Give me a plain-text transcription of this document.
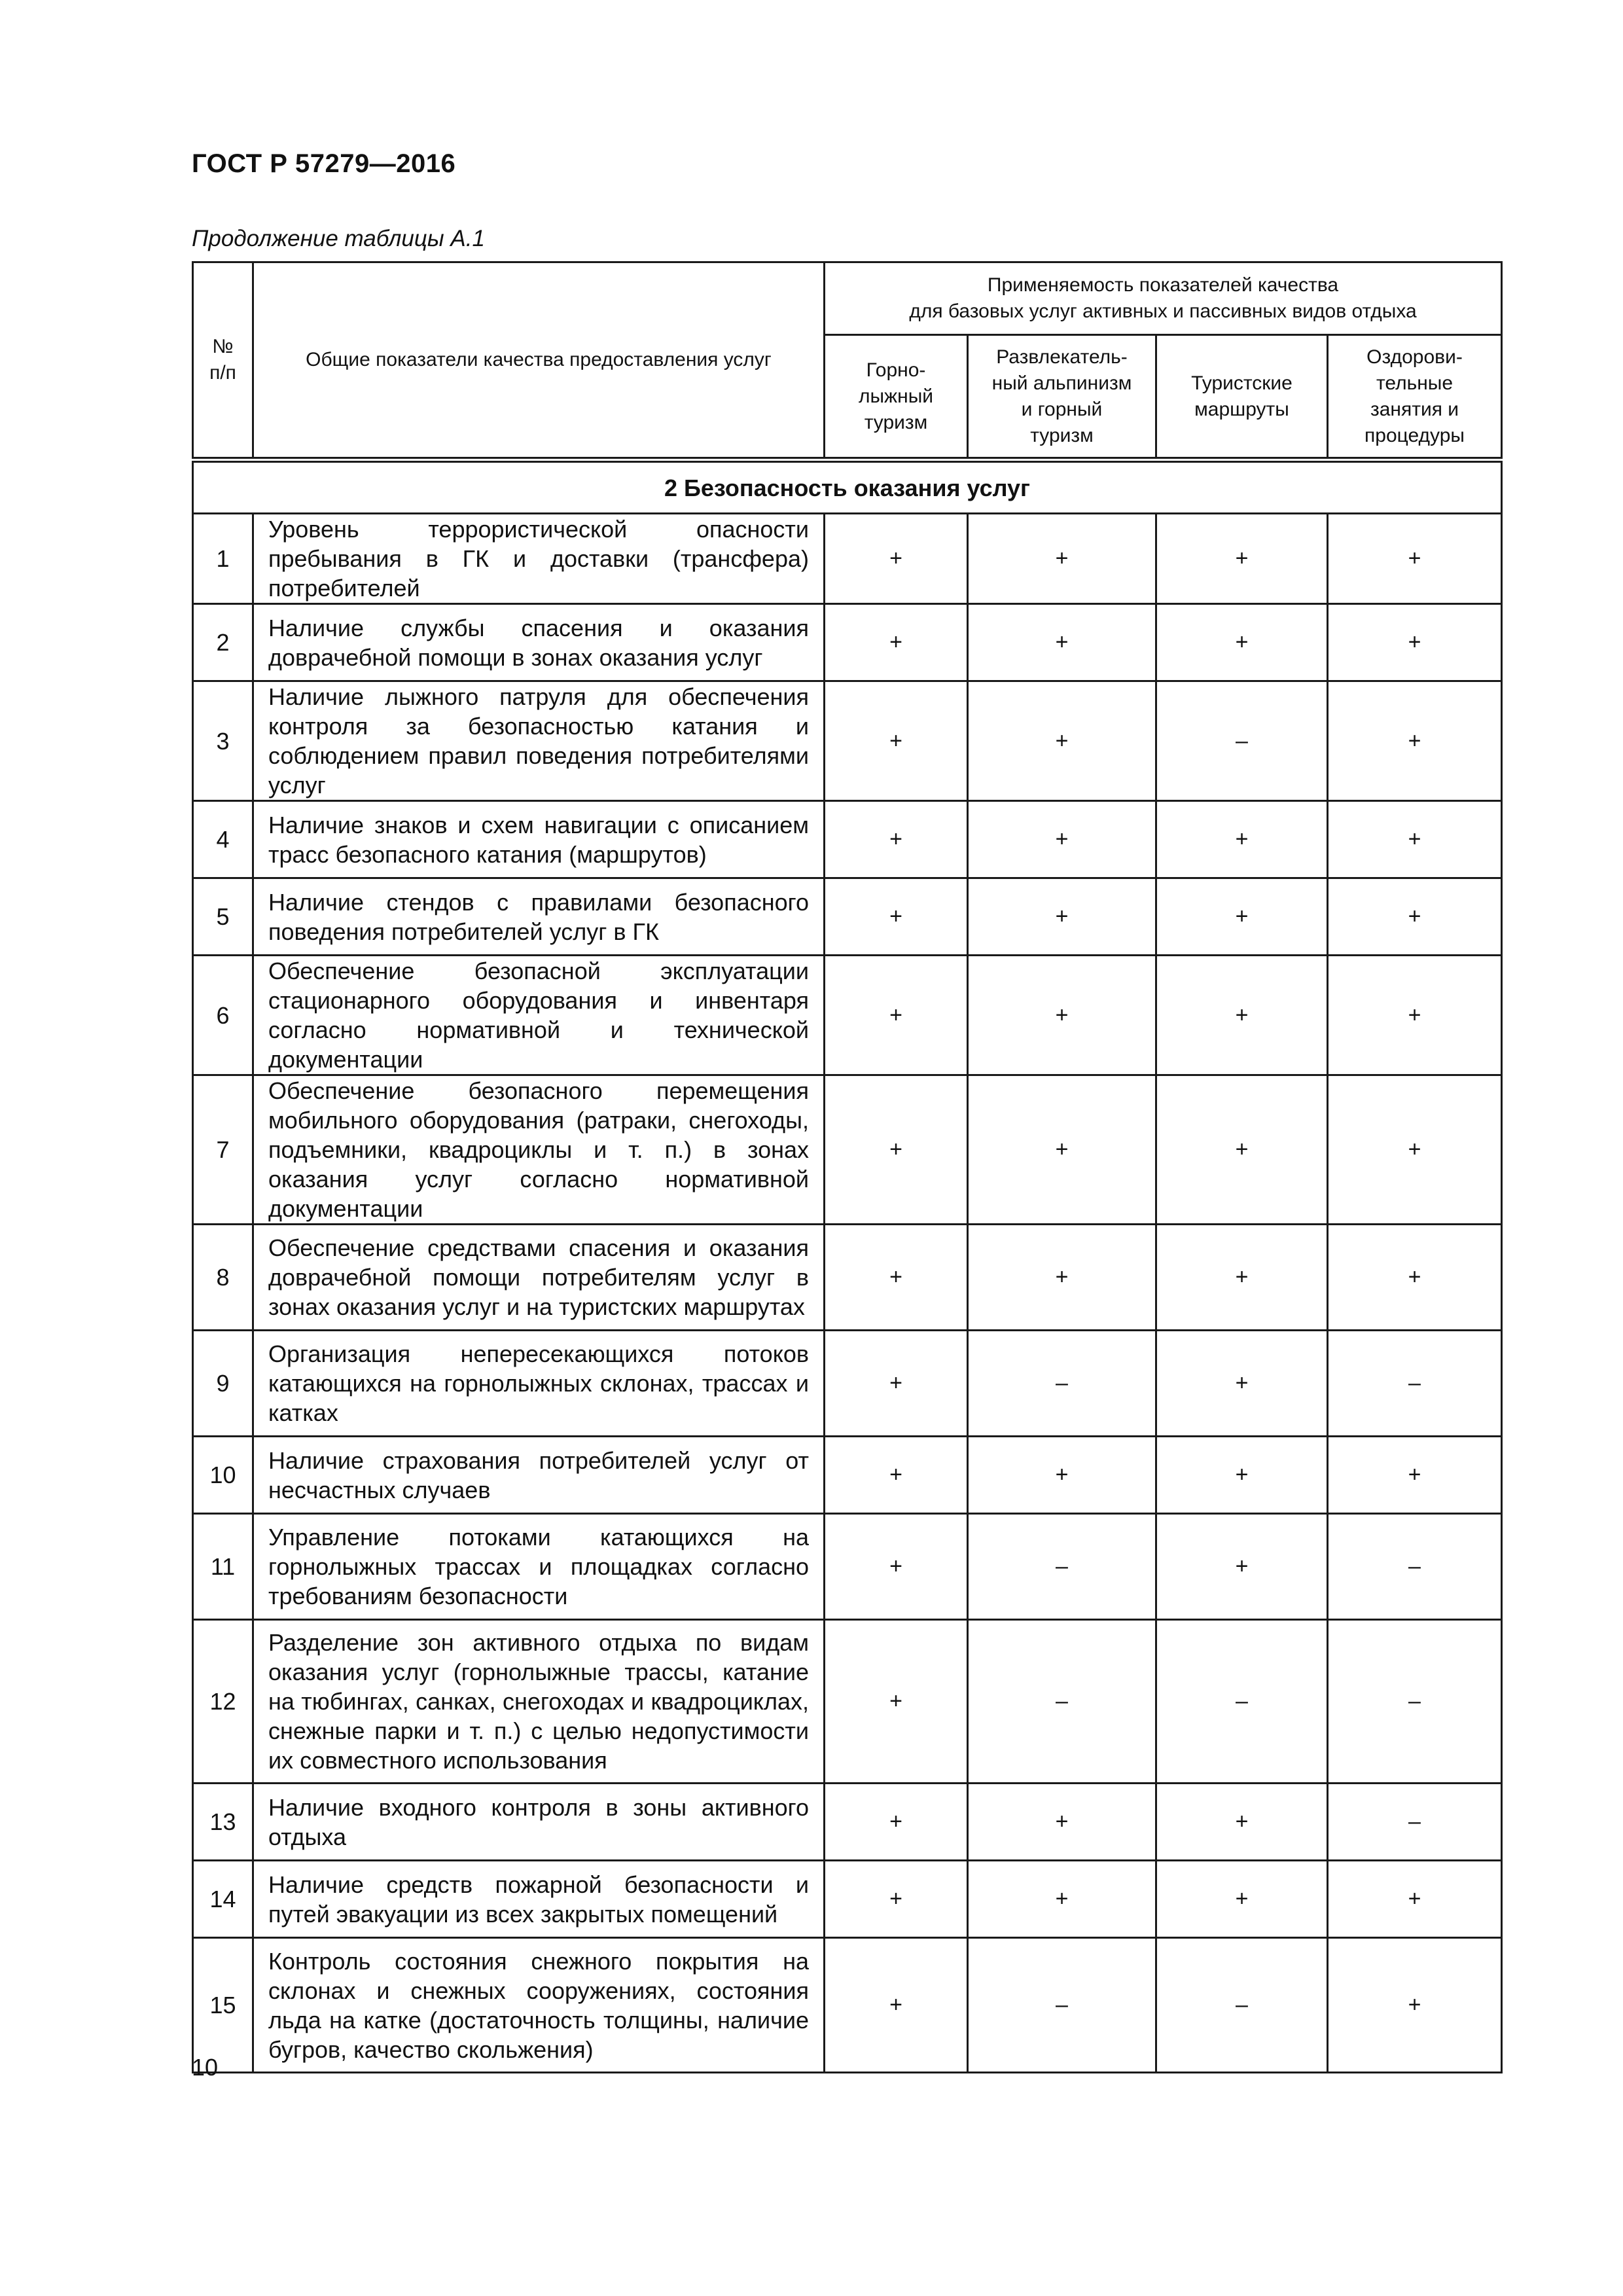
ГОСТ Р 57279—2016
Продолжение таблицы А.1
№
п/п	Общие показатели качества предоставления услуг	Применяемость показателей качества
для базовых услуг активных и пассивных видов отдыха			
		Горно-
лыжный
туризм	Развлекатель-
ный альпинизм
и горный
туризм	Туристские
маршруты	Оздорови-
тельные
занятия и
процедуры
2 Безопасность оказания услуг					
1	Уровень террористической опасности пребывания в ГК и доставки (трансфера) потребителей	+	+	+	+
2	Наличие службы спасения и оказания доврачебной помощи в зонах оказания услуг	+	+	+	+
3	Наличие лыжного патруля для обеспечения контроля за безопасностью катания и соблюдением правил поведения потребителями услуг	+	+	–	+
4	Наличие знаков и схем навигации с описанием трасс безопасного катания (маршрутов)	+	+	+	+
5	Наличие стендов с правилами безопасного поведения потребителей услуг в ГК	+	+	+	+
6	Обеспечение безопасной эксплуатации стационарного оборудования и инвентаря согласно нормативной и технической документации	+	+	+	+
7	Обеспечение безопасного перемещения мобильного оборудования (ратраки, снегоходы, подъемники, квадроциклы и т. п.) в зонах оказания услуг согласно нормативной документации	+	+	+	+
8	Обеспечение средствами спасения и оказания доврачебной помощи потребителям услуг в зонах оказания услуг и на туристских маршрутах	+	+	+	+
9	Организация непересекающихся потоков катающихся на горнолыжных склонах, трассах и катках	+	–	+	–
10	Наличие страхования потребителей услуг от несчастных случаев	+	+	+	+
11	Управление потоками катающихся на горнолыжных трассах и площадках согласно требованиям безопасности	+	–	+	–
12	Разделение зон активного отдыха по видам оказания услуг (горнолыжные трассы, катание на тюбингах, санках, снегоходах и квадроциклах, снежные парки и т. п.) с целью недопустимости их совместного использования	+	–	–	–
13	Наличие входного контроля в зоны активного отдыха	+	+	+	–
14	Наличие средств пожарной безопасности и путей эвакуации из всех закрытых помещений	+	+	+	+
15	Контроль состояния снежного покрытия на склонах и снежных сооружениях, состояния льда на катке (достаточность толщины, наличие бугров, качество скольжения)	+	–	–	+
10
